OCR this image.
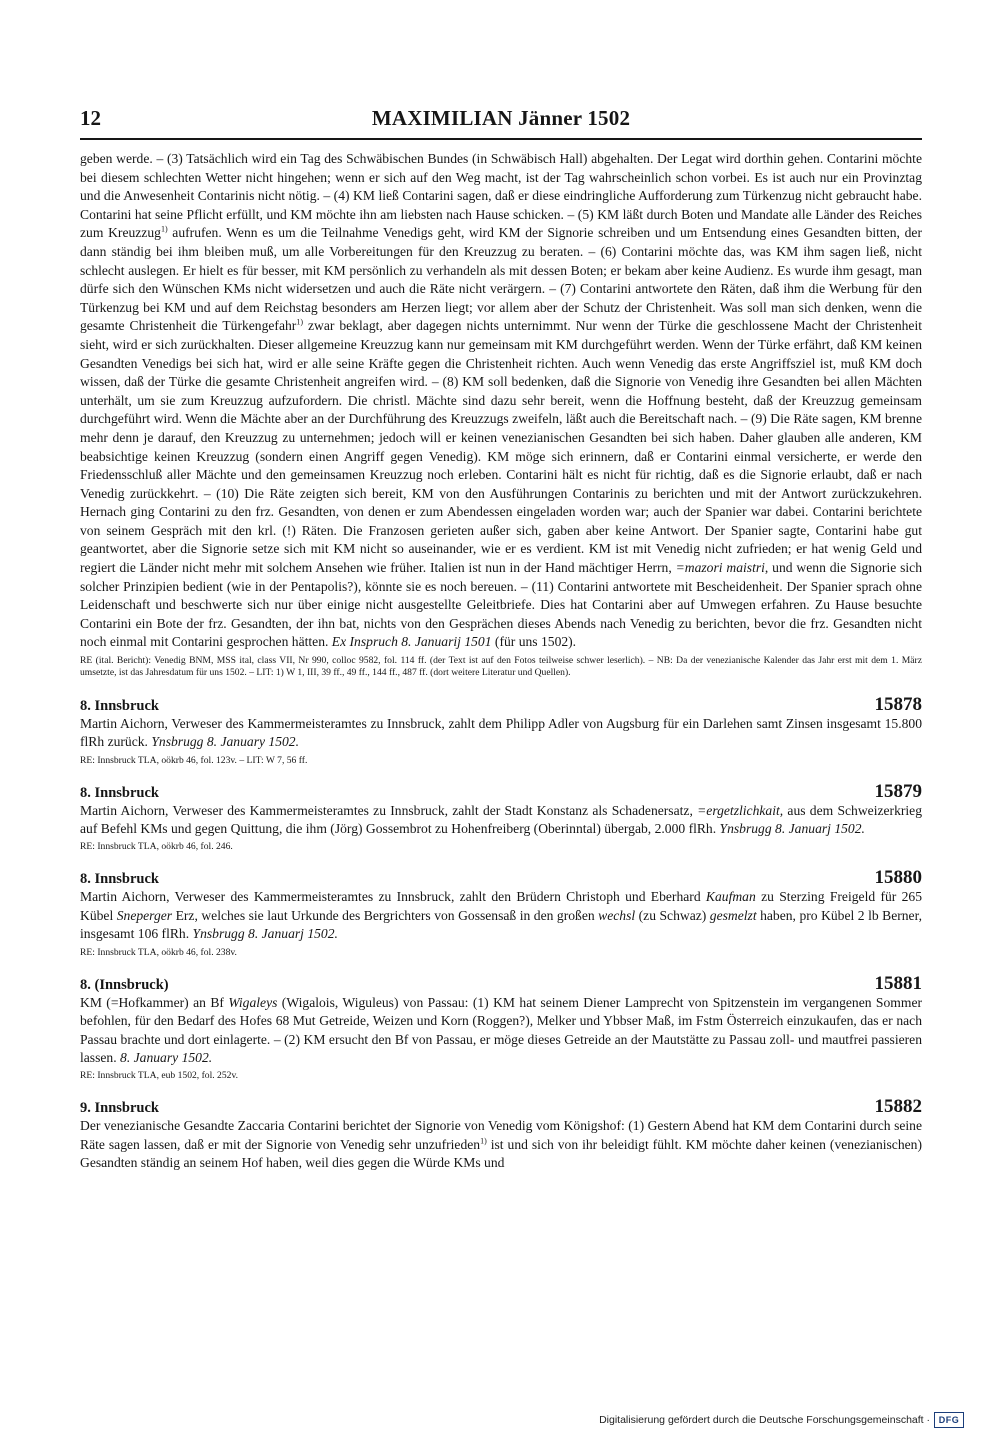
12	MAXIMILIAN Jänner 1502

geben werde. – (3) Tatsächlich wird ein Tag des Schwäbischen Bundes (in Schwäbisch Hall) abgehalten. Der Legat wird dorthin gehen. Contarini möchte bei diesem schlechten Wetter nicht hingehen; wenn er sich auf den Weg macht, ist der Tag wahrscheinlich schon vorbei. Es ist auch nur ein Provinztag und die Anwesenheit Contarinis nicht nötig. – (4) KM ließ Contarini sagen, daß er diese eindringliche Aufforderung zum Türkenzug nicht gebraucht habe. Contarini hat seine Pflicht erfüllt, und KM möchte ihn am liebsten nach Hause schicken. – (5) KM läßt durch Boten und Mandate alle Länder des Reiches zum Kreuzzug$^{1)}$ aufrufen. Wenn es um die Teilnahme Venedigs geht, wird KM der Signorie schreiben und um Entsendung eines Gesandten bitten, der dann ständig bei ihm bleiben muß, um alle Vorbereitungen für den Kreuzzug zu beraten. – (6) Contarini möchte das, was KM ihm sagen ließ, nicht schlecht auslegen. Er hielt es für besser, mit KM persönlich zu verhandeln als mit dessen Boten; er bekam aber keine Audienz. Es wurde ihm gesagt, man dürfe sich den Wünschen KMs nicht widersetzen und auch die Räte nicht verärgern. – (7) Contarini antwortete den Räten, daß ihm die Werbung für den Türkenzug bei KM und auf dem Reichstag besonders am Herzen liegt; vor allem aber der Schutz der Christenheit. Was soll man sich denken, wenn die gesamte Christenheit die Türkengefahr$^{1)}$ zwar beklagt, aber dagegen nichts unternimmt. Nur wenn der Türke die geschlossene Macht der Christenheit sieht, wird er sich zurückhalten. Dieser allgemeine Kreuzzug kann nur gemeinsam mit KM durchgeführt werden. Wenn der Türke erfährt, daß KM keinen Gesandten Venedigs bei sich hat, wird er alle seine Kräfte gegen die Christenheit richten. Auch wenn Venedig das erste Angriffsziel ist, muß KM doch wissen, daß der Türke die gesamte Christenheit angreifen wird. – (8) KM soll bedenken, daß die Signorie von Venedig ihre Gesandten bei allen Mächten unterhält, um sie zum Kreuzzug aufzufordern. Die christl. Mächte sind dazu sehr bereit, wenn die Hoffnung besteht, daß der Kreuzzug gemeinsam durchgeführt wird. Wenn die Mächte aber an der Durchführung des Kreuzzugs zweifeln, läßt auch die Bereitschaft nach. – (9) Die Räte sagen, KM brenne mehr denn je darauf, den Kreuzzug zu unternehmen; jedoch will er keinen venezianischen Gesandten bei sich haben. Daher glauben alle anderen, KM beabsichtige keinen Kreuzzug (sondern einen Angriff gegen Venedig). KM möge sich erinnern, daß er Contarini einmal versicherte, er werde den Friedensschluß aller Mächte und den gemeinsamen Kreuzzug noch erleben. Contarini hält es nicht für richtig, daß es die Signorie erlaubt, daß er nach Venedig zurückkehrt. – (10) Die Räte zeigten sich bereit, KM von den Ausführungen Contarinis zu berichten und mit der Antwort zurückzukehren. Hernach ging Contarini zu den frz. Gesandten, von denen er zum Abendessen eingeladen worden war; auch der Spanier war dabei. Contarini berichtete von seinem Gespräch mit den krl. (!) Räten. Die Franzosen gerieten außer sich, gaben aber keine Antwort. Der Spanier sagte, Contarini habe gut geantwortet, aber die Signorie setze sich mit KM nicht so auseinander, wie er es verdient. KM ist mit Venedig nicht zufrieden; er hat wenig Geld und regiert die Länder nicht mehr mit solchem Ansehen wie früher. Italien ist nun in der Hand mächtiger Herrn, =mazori maistri, und wenn die Signorie sich solcher Prinzipien bedient (wie in der Pentapolis?), könnte sie es noch bereuen. – (11) Contarini antwortete mit Bescheidenheit. Der Spanier sprach ohne Leidenschaft und beschwerte sich nur über einige nicht ausgestellte Geleitbriefe. Dies hat Contarini aber auf Umwegen erfahren. Zu Hause besuchte Contarini ein Bote der frz. Gesandten, der ihn bat, nichts von den Gesprächen dieses Abends nach Venedig zu berichten, bevor die frz. Gesandten nicht noch einmal mit Contarini gesprochen hätten. Ex Inspruch 8. Januarij 1501 (für uns 1502).

RE (ital. Bericht): Venedig BNM, MSS ital, class VII, Nr 990, colloc 9582, fol. 114 ff. (der Text ist auf den Fotos teilweise schwer leserlich). – NB: Da der venezianische Kalender das Jahr erst mit dem 1. März umsetzte, ist das Jahresdatum für uns 1502. – LIT: 1) W 1, III, 39 ff., 49 ff., 144 ff., 487 ff. (dort weitere Literatur und Quellen).

8. Innsbruck	15878

Martin Aichorn, Verweser des Kammermeisteramtes zu Innsbruck, zahlt dem Philipp Adler von Augsburg für ein Darlehen samt Zinsen insgesamt 15.800 flRh zurück. Ynsbrugg 8. January 1502.

RE: Innsbruck TLA, oökrb 46, fol. 123v. – LIT: W 7, 56 ff.

8. Innsbruck	15879

Martin Aichorn, Verweser des Kammermeisteramtes zu Innsbruck, zahlt der Stadt Konstanz als Schadenersatz, =ergetzlichkait, aus dem Schweizerkrieg auf Befehl KMs und gegen Quittung, die ihm (Jörg) Gossembrot zu Hohenfreiberg (Oberinntal) übergab, 2.000 flRh. Ynsbrugg 8. Januarj 1502.

RE: Innsbruck TLA, oökrb 46, fol. 246.

8. Innsbruck	15880

Martin Aichorn, Verweser des Kammermeisteramtes zu Innsbruck, zahlt den Brüdern Christoph und Eberhard Kaufman zu Sterzing Freigeld für 265 Kübel Sneperger Erz, welches sie laut Urkunde des Bergrichters von Gossensaß in den großen wechsl (zu Schwaz) gesmelzt haben, pro Kübel 2 lb Berner, insgesamt 106 flRh. Ynsbrugg 8. Januarj 1502.

RE: Innsbruck TLA, oökrb 46, fol. 238v.

8. (Innsbruck)	15881

KM (=Hofkammer) an Bf Wigaleys (Wigalois, Wiguleus) von Passau: (1) KM hat seinem Diener Lamprecht von Spitzenstein im vergangenen Sommer befohlen, für den Bedarf des Hofes 68 Mut Getreide, Weizen und Korn (Roggen?), Melker und Ybbser Maß, im Fstm Österreich einzukaufen, das er nach Passau brachte und dort einlagerte. – (2) KM ersucht den Bf von Passau, er möge dieses Getreide an der Mautstätte zu Passau zoll- und mautfrei passieren lassen. 8. January 1502.

RE: Innsbruck TLA, eub 1502, fol. 252v.

9. Innsbruck	15882

Der venezianische Gesandte Zaccaria Contarini berichtet der Signorie von Venedig vom Königshof: (1) Gestern Abend hat KM dem Contarini durch seine Räte sagen lassen, daß er mit der Signorie von Venedig sehr unzufrieden$^{1)}$ ist und sich von ihr beleidigt fühlt. KM möchte daher keinen (venezianischen) Gesandten ständig an seinem Hof haben, weil dies gegen die Würde KMs und

Digitalisierung gefördert durch die Deutsche Forschungsgemeinschaft · DFG
